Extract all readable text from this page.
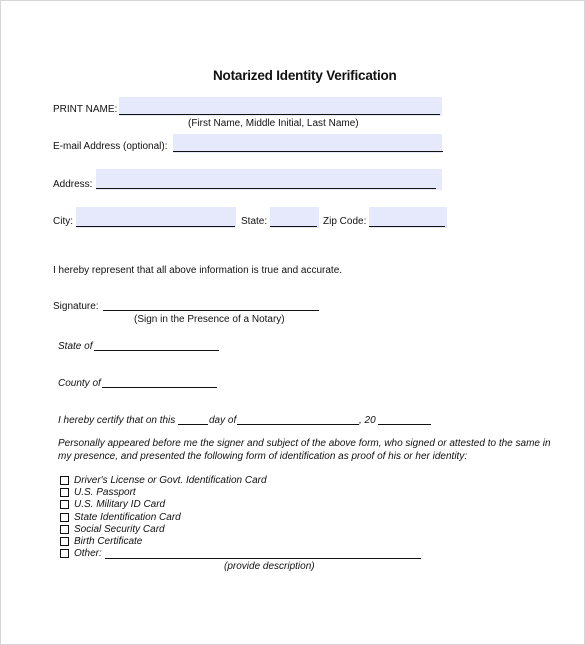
Notarized Identity Verification
PRINT NAME:
(First Name, Middle Initial, Last Name)
E-mail Address (optional):
Address:
City:	State:	Zip Code:
I hereby represent that all above information is true and accurate.
Signature:
(Sign in the Presence of a Notary)
State of
County of
I hereby certify that on this	day of	, 20
Personally appeared before me the signer and subject of the above form, who signed or attested to the same in
my presence, and presented the following form of identification as proof of his or her identity:
Driver's License or Govt. Identification Card
U.S. Passport
U.S. Military ID Card
State Identification Card
Social Security Card
Birth Certificate
Other:
(provide description)
